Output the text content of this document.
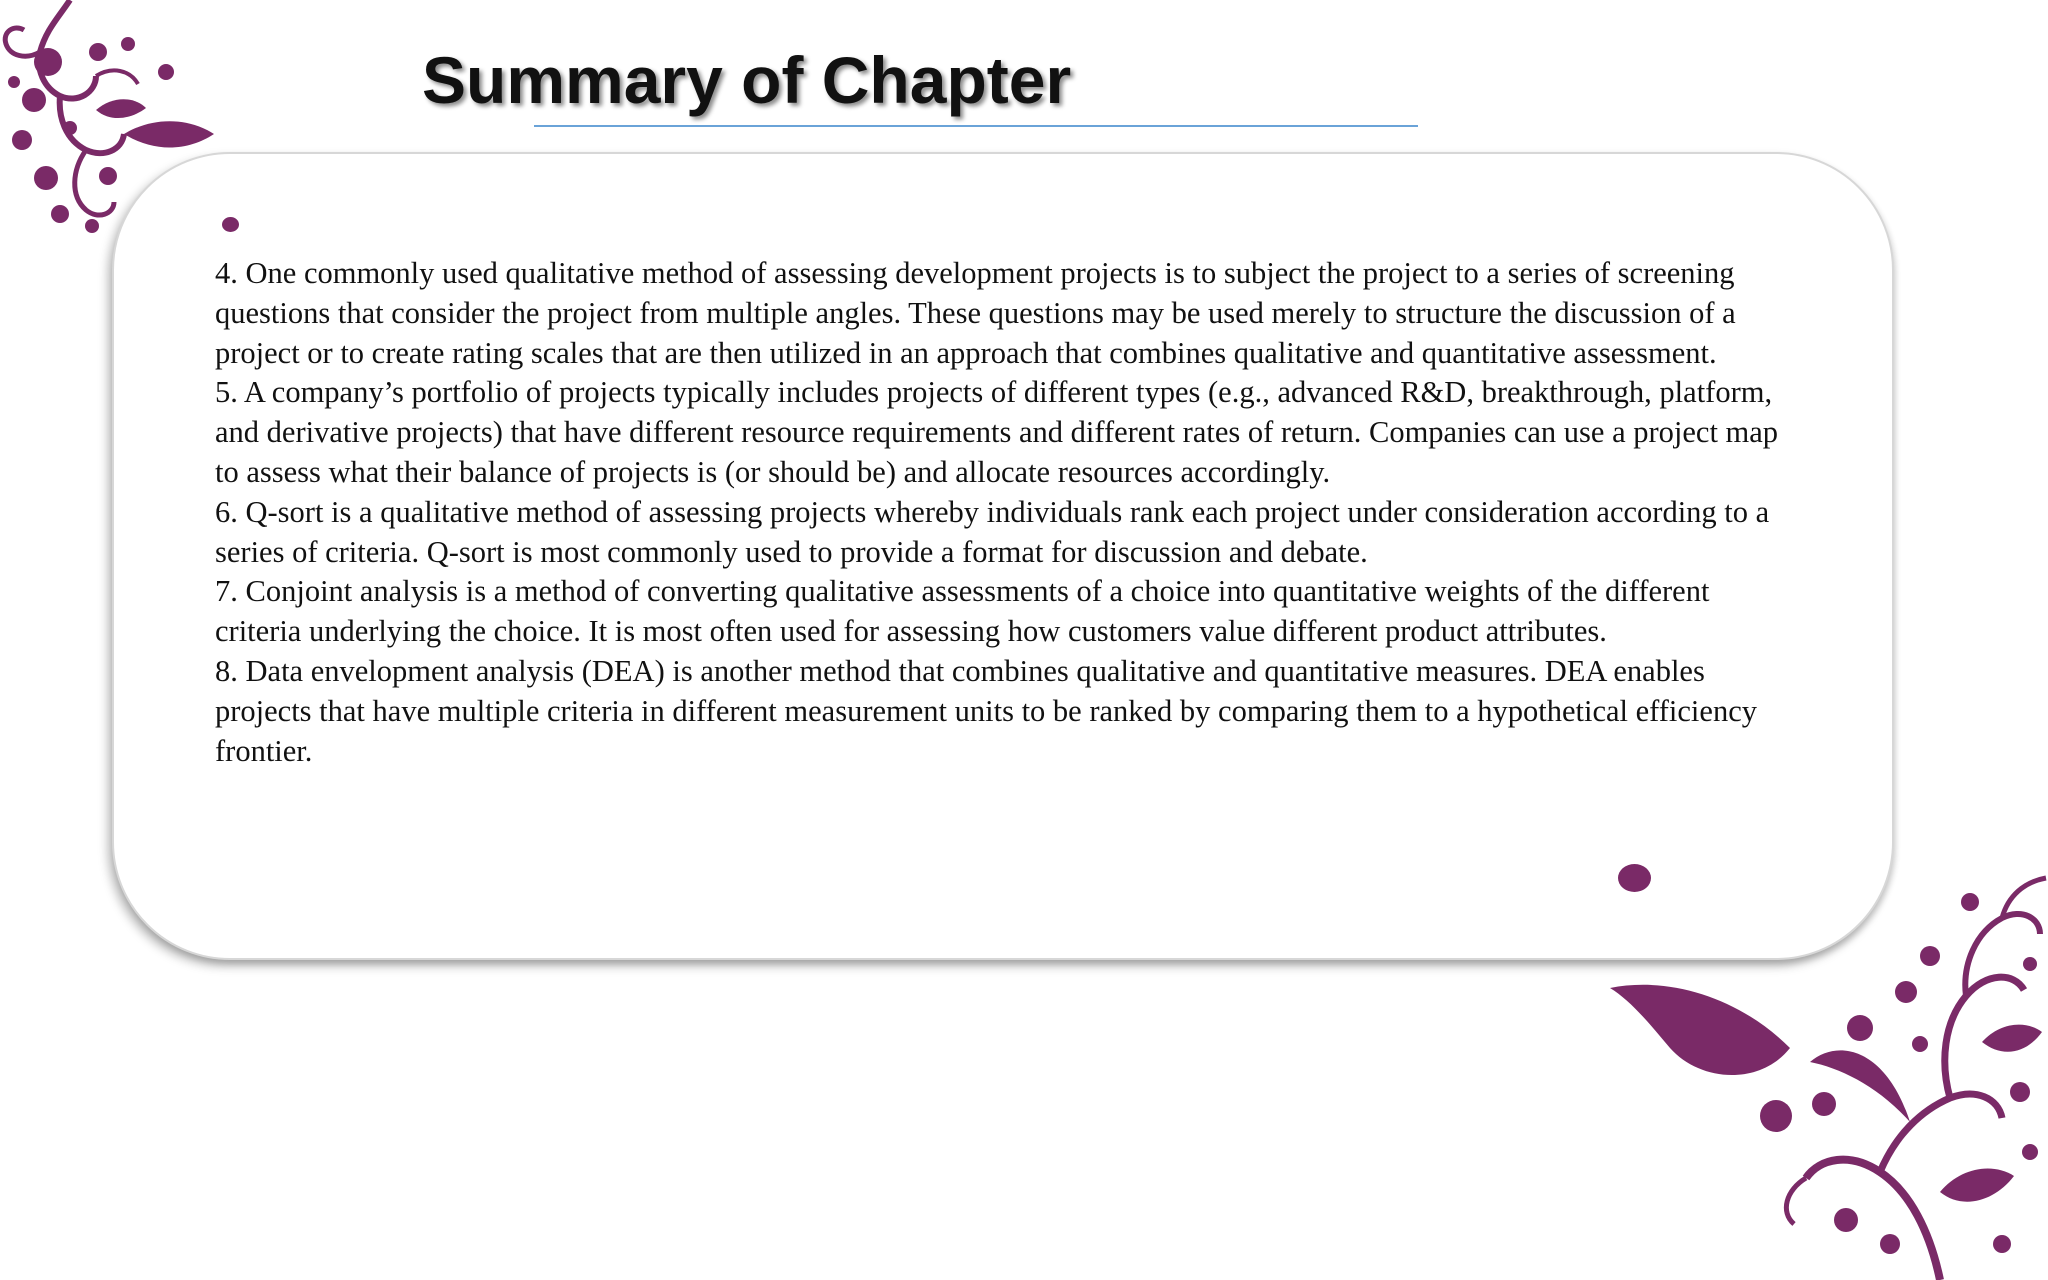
Summary of Chapter

4. One commonly used qualitative method of assessing development projects is to subject the project to a series of screening questions that consider the project from multiple angles. These questions may be used merely to structure the discussion of a project or to create rating scales that are then utilized in an approach that combines qualitative and quantitative assessment.

5. A company’s portfolio of projects typically includes projects of different types (e.g., advanced R&D, breakthrough, platform, and derivative projects) that have different resource requirements and different rates of return. Companies can use a project map to assess what their balance of projects is (or should be) and allocate resources accordingly.

6. Q-sort is a qualitative method of assessing projects whereby individuals rank each project under consideration according to a series of criteria. Q-sort is most commonly used to provide a format for discussion and debate.

7. Conjoint analysis is a method of converting qualitative assessments of a choice into quantitative weights of the different criteria underlying the choice. It is most often used for assessing how customers value different product attributes.

8. Data envelopment analysis (DEA) is another method that combines qualitative and quantitative measures. DEA enables projects that have multiple criteria in different measurement units to be ranked by comparing them to a hypothetical efficiency frontier.
